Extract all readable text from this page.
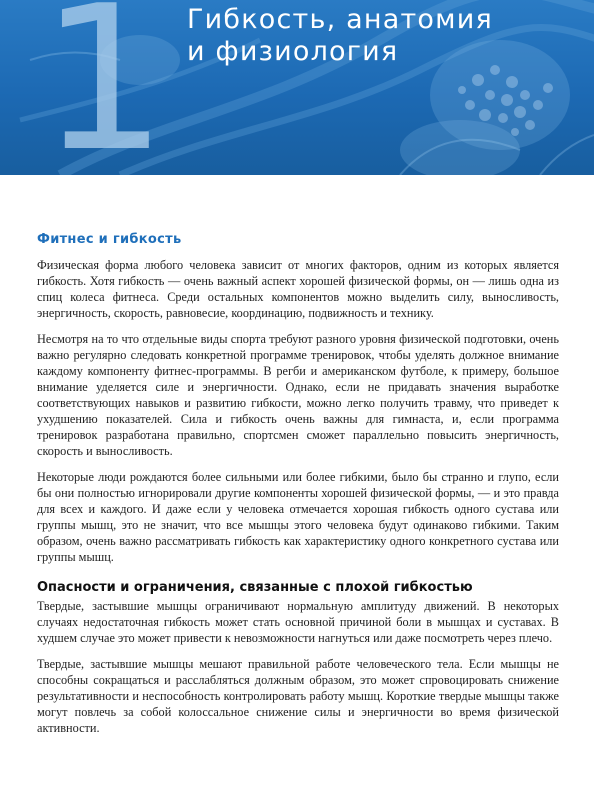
1 Гибкость, анатомия
и физиология
Фитнес и гибкость

Физическая форма любого человека зависит от многих факторов, одним из которых является гибкость. Хотя гибкость — очень важный аспект хорошей физической формы, он — лишь одна из спиц колеса фитнеса. Среди остальных компонентов можно выделить силу, выносливость, энергичность, скорость, равновесие, координацию, подвижность и технику.

Несмотря на то что отдельные виды спорта требуют разного уровня физической подготовки, очень важно регулярно следовать конкретной программе тренировок, чтобы уделять должное внимание каждому компоненту фитнес-программы. В регби и американском футболе, к примеру, большое внимание уделяется силе и энергичности. Однако, если не придавать значения выработке соответствующих навыков и развитию гибкости, можно легко получить травму, что приведет к ухудшению показателей. Сила и гибкость очень важны для гимнаста, и, если программа тренировок разработана правильно, спортсмен сможет параллельно повысить энергичность, скорость и выносливость.

Некоторые люди рождаются более сильными или более гибкими, было бы странно и глупо, если бы они полностью игнорировали другие компоненты хорошей физической формы, — и это правда для всех и каждого. И даже если у человека отмечается хорошая гибкость одного сустава или группы мышц, это не значит, что все мышцы этого человека будут одинаково гибкими. Таким образом, очень важно рассматривать гибкость как характеристику одного конкретного сустава или группы мышц.

Опасности и ограничения, связанные с плохой гибкостью

Твердые, застывшие мышцы ограничивают нормальную амплитуду движений. В некоторых случаях недостаточная гибкость может стать основной причиной боли в мышцах и суставах. В худшем случае это может привести к невозможности нагнуться или даже посмотреть через плечо.

Твердые, застывшие мышцы мешают правильной работе человеческого тела. Если мышцы не способны сокращаться и расслабляться должным образом, это может спровоцировать снижение результативности и неспособность контролировать работу мышц. Короткие твердые мышцы также могут повлечь за собой колоссальное снижение силы и энергичности во время физической активности.
